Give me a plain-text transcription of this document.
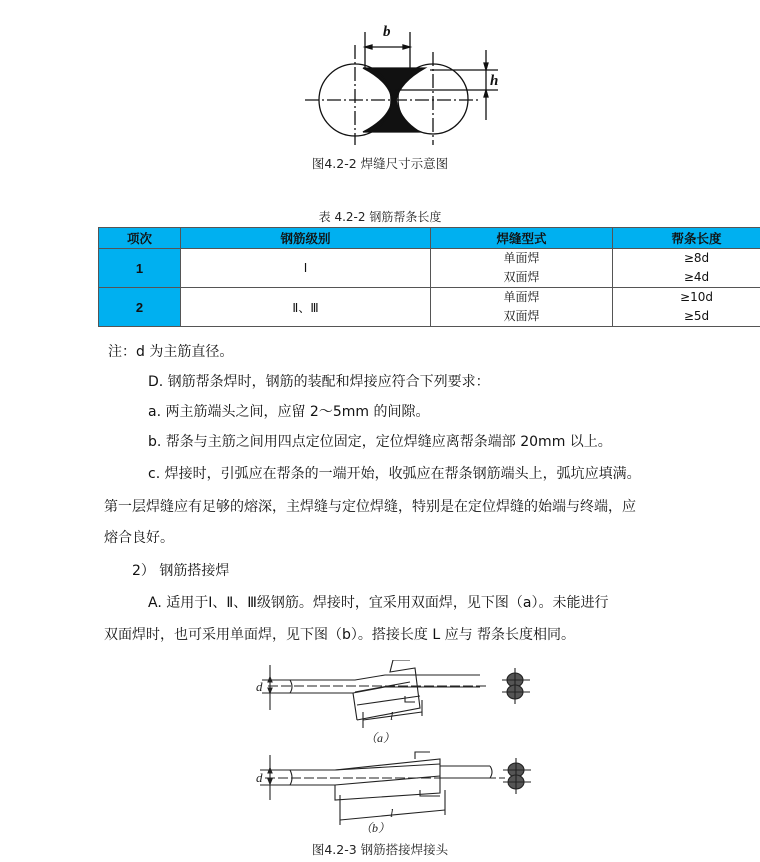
b
h
图4.2-2 焊缝尺寸示意图
表 4.2-2 钢筋帮条长度
项次	钢筋级别	焊缝型式	帮条长度
1	Ⅰ	单面焊	≥8d
		双面焊	≥4d
2	Ⅱ、Ⅲ	单面焊	≥10d
		双面焊	≥5d
注：d 为主筋直径。
D. 钢筋帮条焊时，钢筋的装配和焊接应符合下列要求：
a. 两主筋端头之间，应留 2～5mm 的间隙。
b. 帮条与主筋之间用四点定位固定，定位焊缝应离帮条端部 20mm 以上。
c. 焊接时，引弧应在帮条的一端开始，收弧应在帮条钢筋端头上，弧坑应填满。
第一层焊缝应有足够的熔深，主焊缝与定位焊缝，特别是在定位焊缝的始端与终端，应
熔合良好。
2） 钢筋搭接焊
A. 适用于Ⅰ、Ⅱ、Ⅲ级钢筋。焊接时，宜采用双面焊，见下图（a）。未能进行
双面焊时，也可采用单面焊，见下图（b）。搭接长度 L 应与 帮条长度相同。
d
l
（a）
d
l
（b）
图4.2-3 钢筋搭接焊接头
